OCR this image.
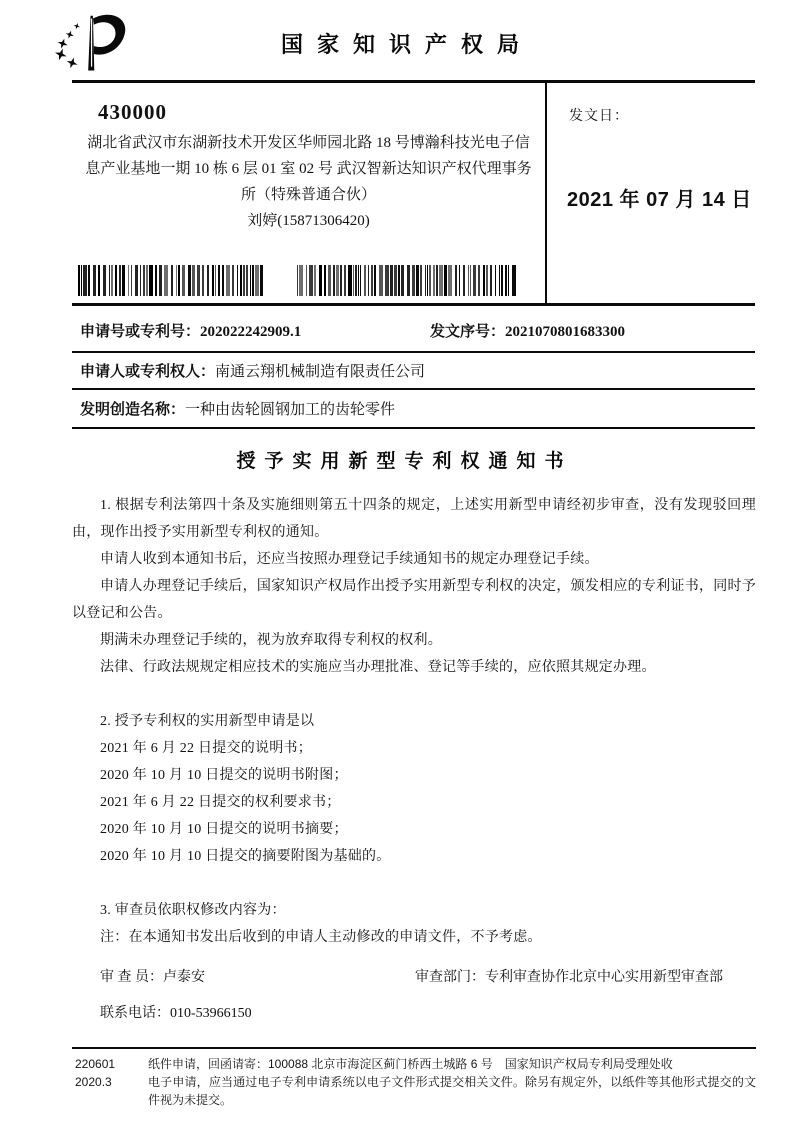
国家知识产权局
430000
湖北省武汉市东湖新技术开发区华师园北路 18 号博瀚科技光电子信
息产业基地一期 10 栋 6 层 01 室 02 号 武汉智新达知识产权代理事务
所（特殊普通合伙）
刘婷(15871306420)
发文日：
2021 年 07 月 14 日
申请号或专利号：202022242909.1	发文序号：2021070801683300
申请人或专利权人： 南通云翔机械制造有限责任公司
发明创造名称： 一种由齿轮圆钢加工的齿轮零件
授予实用新型专利权通知书

1. 根据专利法第四十条及实施细则第五十四条的规定，上述实用新型申请经初步审查，没有发现驳回理由，现作出授予实用新型专利权的通知。

申请人收到本通知书后，还应当按照办理登记手续通知书的规定办理登记手续。

申请人办理登记手续后，国家知识产权局作出授予实用新型专利权的决定，颁发相应的专利证书，同时予以登记和公告。

期满未办理登记手续的，视为放弃取得专利权的权利。

法律、行政法规规定相应技术的实施应当办理批准、登记等手续的，应依照其规定办理。

2. 授予专利权的实用新型申请是以

2021 年 6 月 22 日提交的说明书；

2020 年 10 月 10 日提交的说明书附图；

2021 年 6 月 22 日提交的权利要求书；

2020 年 10 月 10 日提交的说明书摘要；

2020 年 10 月 10 日提交的摘要附图为基础的。

3. 审查员依职权修改内容为：

注：在本通知书发出后收到的申请人主动修改的申请文件，不予考虑。

审 查 员：卢泰安	审查部门：专利审查协作北京中心实用新型审查部
联系电话：010-53966150
220601
2020.3
纸件申请，回函请寄：100088 北京市海淀区蓟门桥西土城路 6 号　国家知识产权局专利局受理处收
电子申请，应当通过电子专利申请系统以电子文件形式提交相关文件。除另有规定外，以纸件等其他形式提交的文件视为未提交。
